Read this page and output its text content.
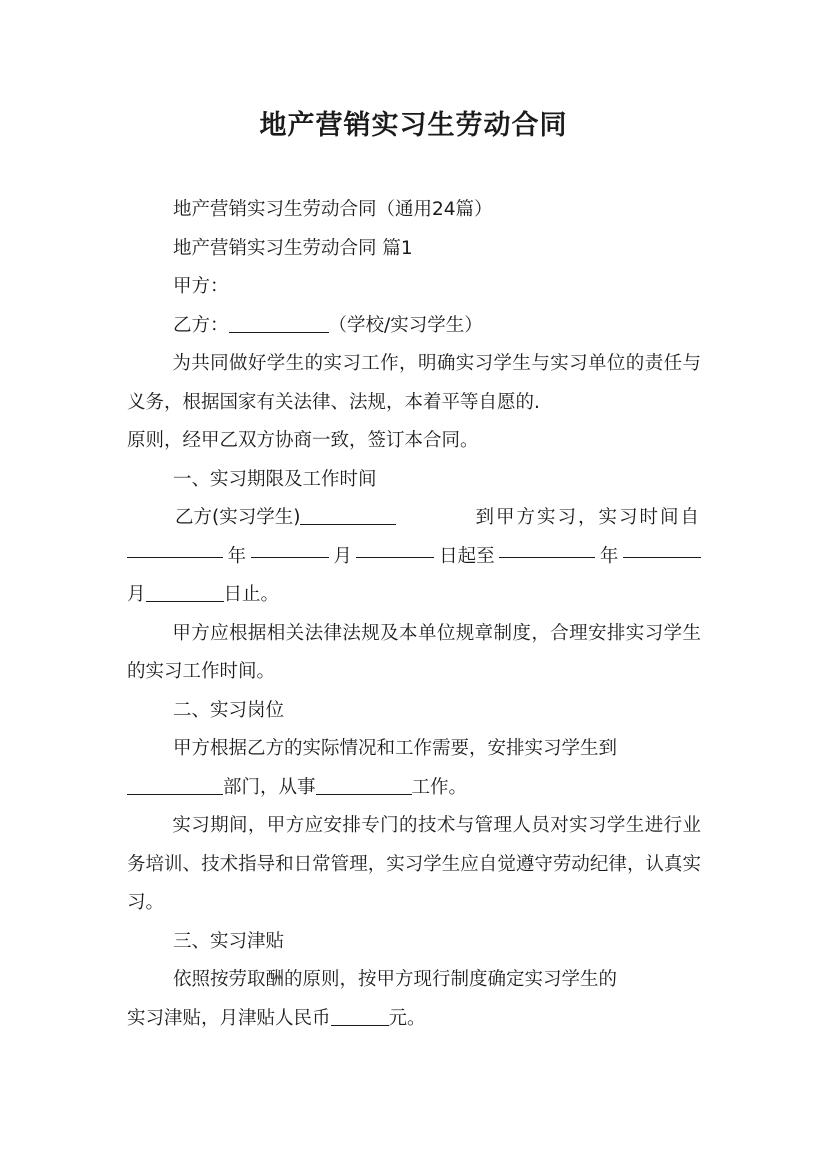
地产营销实习生劳动合同
地产营销实习生劳动合同（通用24篇）
地产营销实习生劳动合同 篇1
甲方：
乙方：	（学校/实习学生）

为共同做好学生的实习工作，明确实习学生与实习单位的责任与义务，根据国家有关法律、法规，本着平等自愿的.
原则，经甲乙双方协商一致，签订本合同。

一、实习期限及工作时间
乙方(实习学生)	到甲方实习，实习时间自
年	月	日起至	年
月	日止。

甲方应根据相关法律法规及本单位规章制度，合理安排实习学生的实习工作时间。

二、实习岗位
甲方根据乙方的实际情况和工作需要，安排实习学生到
部门，从事	工作。

实习期间，甲方应安排专门的技术与管理人员对实习学生进行业务培训、技术指导和日常管理，实习学生应自觉遵守劳动纪律，认真实习。

三、实习津贴
依照按劳取酬的原则，按甲方现行制度确定实习学生的
实习津贴，月津贴人民币	元。
